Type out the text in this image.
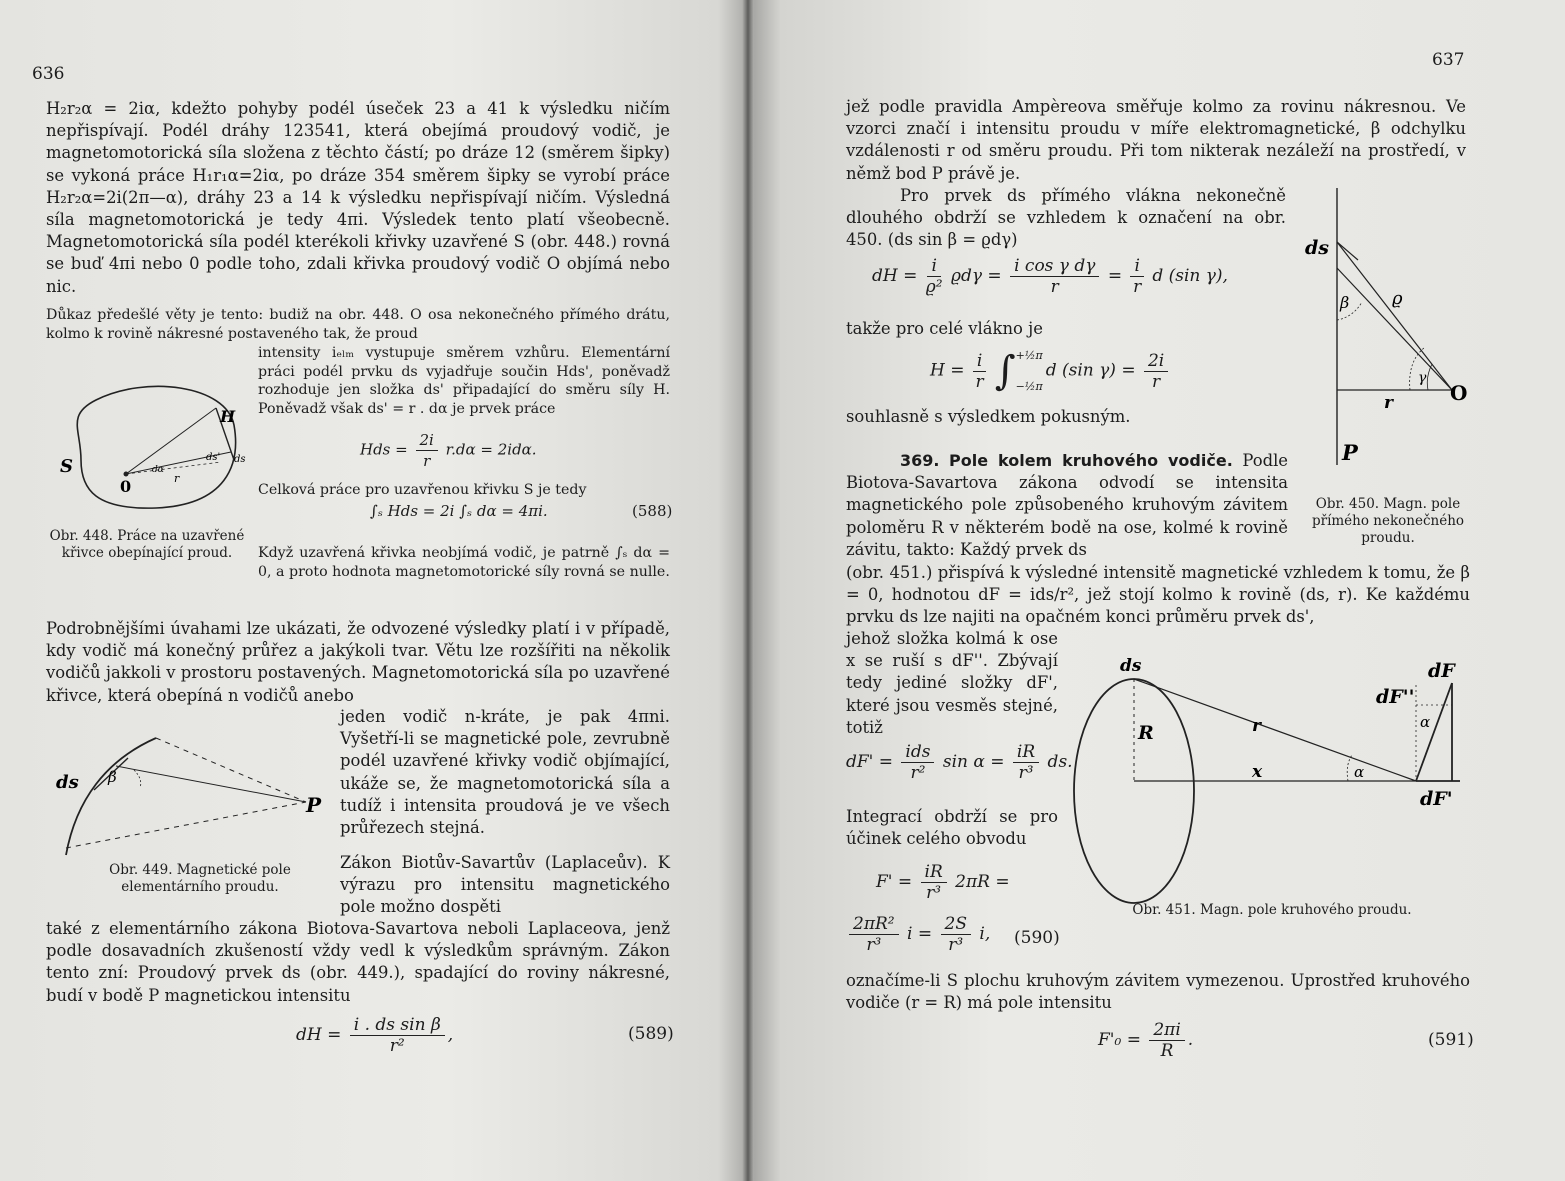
636
H₂r₂α = 2iα, kdežto pohyby podél úseček 23 a 41 k výsledku ničím nepřispívají. Podél dráhy 123541, která obejímá proudový vodič, je magnetomotorická síla složena z těchto částí; po dráze 12 (směrem šipky) se vykoná práce H₁r₁α=2iα, po dráze 354 směrem šipky se vyrobí práce H₂r₂α=2i(2π—α), dráhy 23 a 14 k výsledku nepřispívají ničím. Výsledná síla magnetomotorická je tedy 4πi. Výsledek tento platí všeobecně. Magnetomotorická síla podél kterékoli křivky uzavřené S (obr. 448.) rovná se buď 4πi nebo 0 podle toho, zdali křivka proudový vodič O objímá nebo nic.
Důkaz předešlé věty je tento: budiž na obr. 448. O osa nekonečného přímého drátu, kolmo k rovině nákresné postaveného tak, že proud
intensity iₑₗₘ vystupuje směrem vzhůru. Elementární práci podél prvku ds vyjadřuje součin Hds', poněvadž rozhoduje jen složka ds' připadající do směru síly H. Poněvadž však ds' = r . dα je prvek práce
Hds = $\frac{2i}{r} r.d\alpha = 2id\alpha$.
Celková práce pro uzavřenou křivku S je tedy
∫ₛ Hds = 2i ∫ₛ dα = 4πi.	(588)
Když uzavřená křivka neobjímá vodič, je patrně ∫ₛ dα = 0, a proto hodnota magnetomotorické síly rovná se nulle.
S
0
H
r
ds
ds'
dα
Obr. 448. Práce na uzavřené křivce obepínající proud.
Podrobnějšími úvahami lze ukázati, že odvozené výsledky platí i v případě, kdy vodič má konečný průřez a jakýkoli tvar. Větu lze rozšířiti na několik vodičů jakkoli v prostoru postavených. Magnetomotorická síla po uzavřené křivce, která obepíná n vodičů anebo
jeden vodič n-kráte, je pak 4πni. Vyšetří-li se magnetické pole, zevrubně podél uzavřené křivky vodič objímající, ukáže se, že magnetomotorická síla a tudíž i intensita proudová je ve všech průřezech stejná.
ds β
P
Obr. 449. Magnetické pole elementárního proudu.
Zákon Biotův-Savartův (Laplaceův). K výrazu pro intensitu magnetického pole možno dospěti
také z elementárního zákona Biotova-Savartova neboli Laplaceova, jenž podle dosavadních zkušeností vždy vedl k výsledkům správným. Zákon tento zní: Proudový prvek ds (obr. 449.), spadající do roviny nákresné, budí v bodě P magnetickou intensitu
dH = $\frac{\text{i . ds sin β}}{\text{r²}}$ ,	(589)
637
jež podle pravidla Ampèreova směřuje kolmo za rovinu nákresnou. Ve vzorci značí i intensitu proudu v míře elektromagnetické, β odchylku vzdálenosti r od směru proudu. Při tom nikterak nezáleží na prostředí, v němž bod P právě je.
Pro prvek ds přímého vlákna nekonečně dlouhého obdrží se vzhledem k označení na obr. 450. (ds sin β = ϱdγ)
dH = $\frac{i}{\text{ϱ²}}$ $ϱd\gamma = \frac{\text{i cos γ dγ}}{r} = \frac{i}{r}$ d (sin γ),
takže pro celé vlákno je
$H = \frac{i}{r}$ ∫ +½π
−½π
d (sin $\gamma) = \frac{2i}{r}$
souhlasně s výsledkem pokusným.
ds
β ϱ
γ
O
r
P
Obr. 450. Magn. pole přímého nekonečného proudu.
369. Pole kolem kruhového vodiče. Podle Biotova-Savartova zákona odvodí se intensita magnetického pole způsobeného kruhovým závitem poloměru R v některém bodě na ose, kolmé k rovině závitu, takto: Každý prvek ds
(obr. 451.) přispívá k výsledné intensitě magnetické vzhledem k tomu, že β = 0, hodnotou dF = ids/r², jež stojí kolmo k rovině (ds, r). Ke každému prvku ds lze najiti na opačném konci průměru prvek ds',
jehož složka kolmá k ose x se ruší s dF''. Zbývají tedy jediné složky dF', které jsou vesměs stejné, totiž
$dF' = \frac{\text{ids}}{\text{r²}}$ $\sin \alpha = \frac{iR}{\text{r³}}$ ds.
Integrací obdrží se pro účinek celého obvodu
$F' = \frac{iR}{\text{r³}} 2\pi R$ =
$\frac{\text{2πR²}}{\text{r³}}$ $i = \frac{2S}{\text{r³}} i$, (590)
ds
R	r
x	α
α
dF
dF''
dF'
Obr. 451. Magn. pole kruhového proudu.
označíme-li S plochu kruhovým závitem vymezenou. Uprostřed kruhového vodiče (r = R) má pole intensitu
$F'_0 = \frac{2\pi i}{R}$ .	(591)
